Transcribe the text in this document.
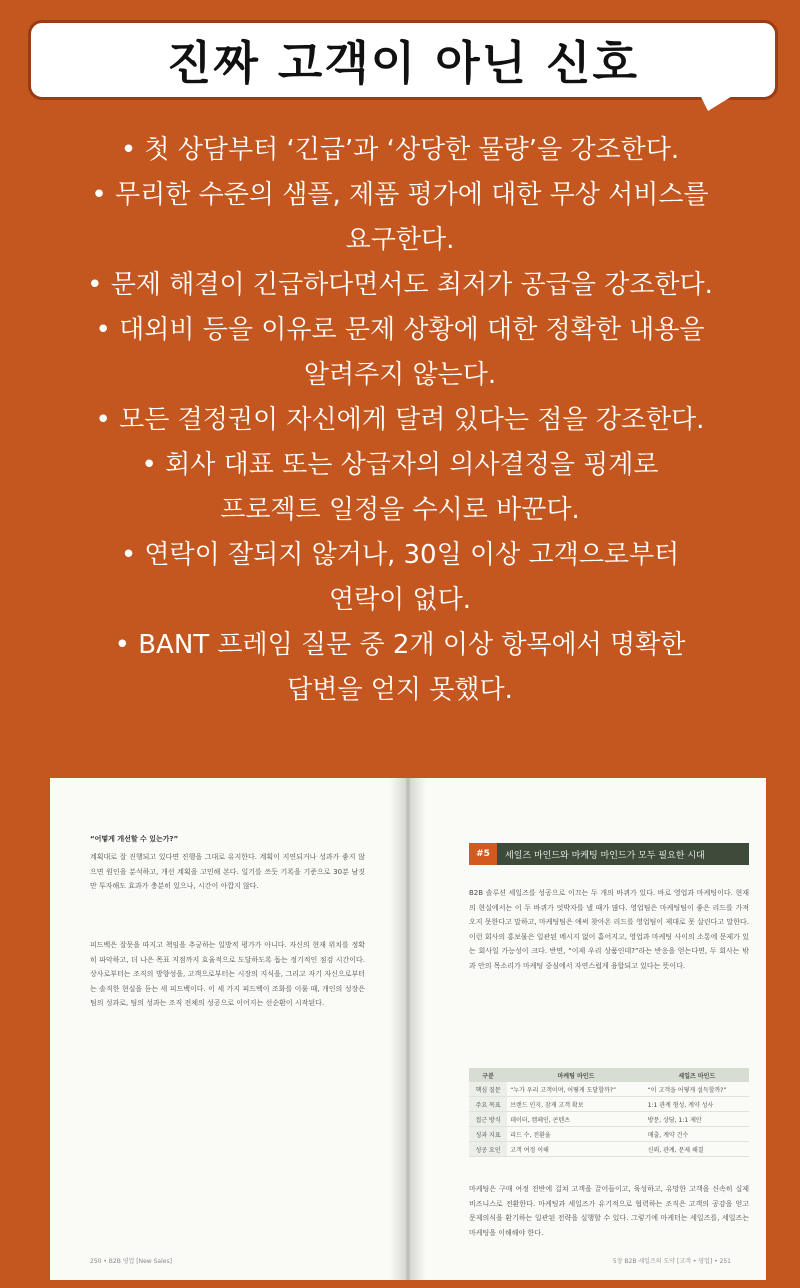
진짜 고객이 아닌 신호
• 첫 상담부터 ‘긴급’과 ‘상당한 물량’을 강조한다.
• 무리한 수준의 샘플, 제품 평가에 대한 무상 서비스를
요구한다.
• 문제 해결이 긴급하다면서도 최저가 공급을 강조한다.
• 대외비 등을 이유로 문제 상황에 대한 정확한 내용을
알려주지 않는다.
• 모든 결정권이 자신에게 달려 있다는 점을 강조한다.
• 회사 대표 또는 상급자의 의사결정을 핑계로
프로젝트 일정을 수시로 바꾼다.
• 연락이 잘되지 않거나, 30일 이상 고객으로부터
연락이 없다.
• BANT 프레임 질문 중 2개 이상 항목에서 명확한
답변을 얻지 못했다.

“어떻게 개선할 수 있는가?”

계획대로 잘 진행되고 있다면 진행을 그대로 유지한다. 계획이 지연되거나 성과가 좋지 않으면 원인을 분석하고, 개선 계획을 고민해 본다. 일기를 쓰듯 기록을 기준으로 30분 남짓만 투자해도 효과가 충분히 있으나, 시간이 아깝지 않다.

피드백은 잘못을 따지고 책임을 추궁하는 일방적 평가가 아니다. 자신의 현재 위치를 정확히 파악하고, 더 나은 목표 지점까지 효율적으로 도달하도록 돕는 정기적인 점검 시간이다. 상사로부터는 조직의 방향성을, 고객으로부터는 시장의 지식을, 그리고 자기 자신으로부터는 솔직한 현실을 듣는 세 피드백이다. 이 세 가지 피드백이 조화를 이룰 때, 개인의 성장은 팀의 성과로, 팀의 성과는 조직 전체의 성공으로 이어지는 선순환이 시작된다.

250 • B2B 영업 [New Sales]
#5	세일즈 마인드와 마케팅 마인드가 모두 필요한 시대

B2B 솔루션 세일즈를 성공으로 이끄는 두 개의 바퀴가 있다. 바로 영업과 마케팅이다. 현재의 현실에서는 이 두 바퀴가 엇박자를 낼 때가 많다. 영업팀은 마케팅팀이 좋은 리드를 가져오지 못한다고 말하고, 마케팅팀은 애써 찾아온 리드를 영업팀이 제대로 못 살린다고 말한다. 이런 회사의 홍보물은 일관된 메시지 없이 흩어지고, 영업과 마케팅 사이의 소통에 문제가 있는 회사일 가능성이 크다. 반면, “이제 우리 상품인데?”라는 반응을 얻는다면, 두 회사는 밖과 안의 목소리가 마케팅 중심에서 자연스럽게 융합되고 있다는 뜻이다.

구분	마케팅 마인드	세일즈 마인드
핵심 질문	“누가 우리 고객이며, 어떻게 도달할까?”	“이 고객을 어떻게 설득할까?”
주요 목표	브랜드 인지, 잠재 고객 확보	1:1 관계 형성, 계약 성사
접근 방식	데이터, 캠페인, 콘텐츠	방문, 상담, 1:1 제안
성과 지표	리드 수, 전환율	매출, 계약 건수
성공 요인	고객 여정 이해	신뢰, 관계, 문제 해결

마케팅은 구매 여정 전반에 걸쳐 고객을 끌어들이고, 육성하고, 유망한 고객을 신속히 실제 비즈니스로 전환한다. 마케팅과 세일즈가 유기적으로 협력하는 조직은 고객의 공감을 얻고 문제의식을 환기하는 일관된 전략을 실행할 수 있다. 그렇기에 마케터는 세일즈를, 세일즈는 마케팅을 이해해야 한다.

5장 B2B 세일즈의 도약 [고객 • 영업] • 251
